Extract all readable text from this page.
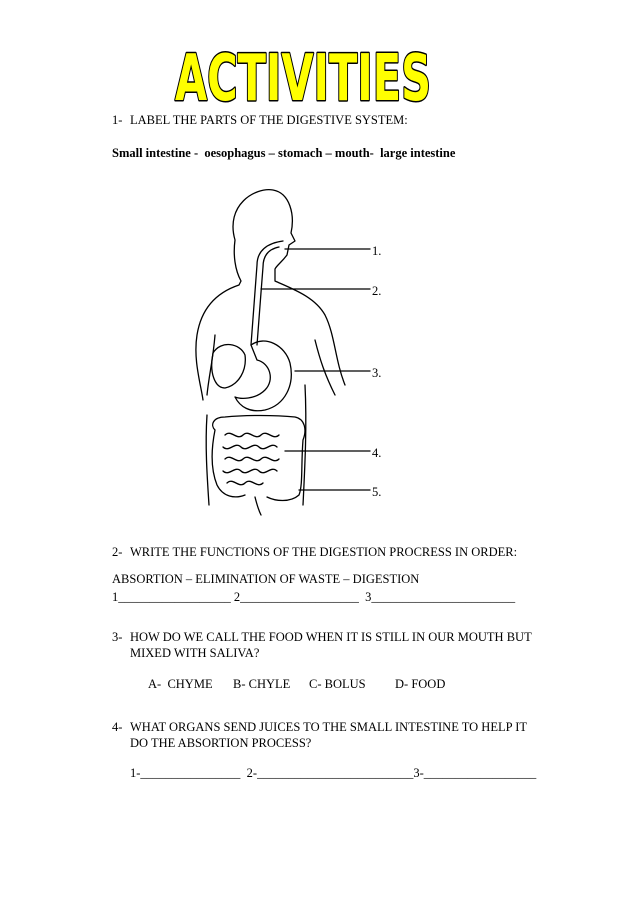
ACTIVITIES
1- LABEL THE PARTS OF THE DIGESTIVE SYSTEM:
Small intestine -  oesophagus – stomach – mouth-  large intestine
1.
2.
3.
4.
5.
2- WRITE THE FUNCTIONS OF THE DIGESTION PROCRESS IN ORDER:
ABSORTION – ELIMINATION OF WASTE – DIGESTION
1__________________ 2___________________  3_______________________
3- HOW DO WE CALL THE FOOD WHEN IT IS STILL IN OUR MOUTH BUT
MIXED WITH SALIVA?
A-  CHYME B- CHYLE C- BOLUS D- FOOD
4- WHAT ORGANS SEND JUICES TO THE SMALL INTESTINE TO HELP IT
DO THE ABSORTION PROCESS?
1-________________  2-_________________________3-__________________
